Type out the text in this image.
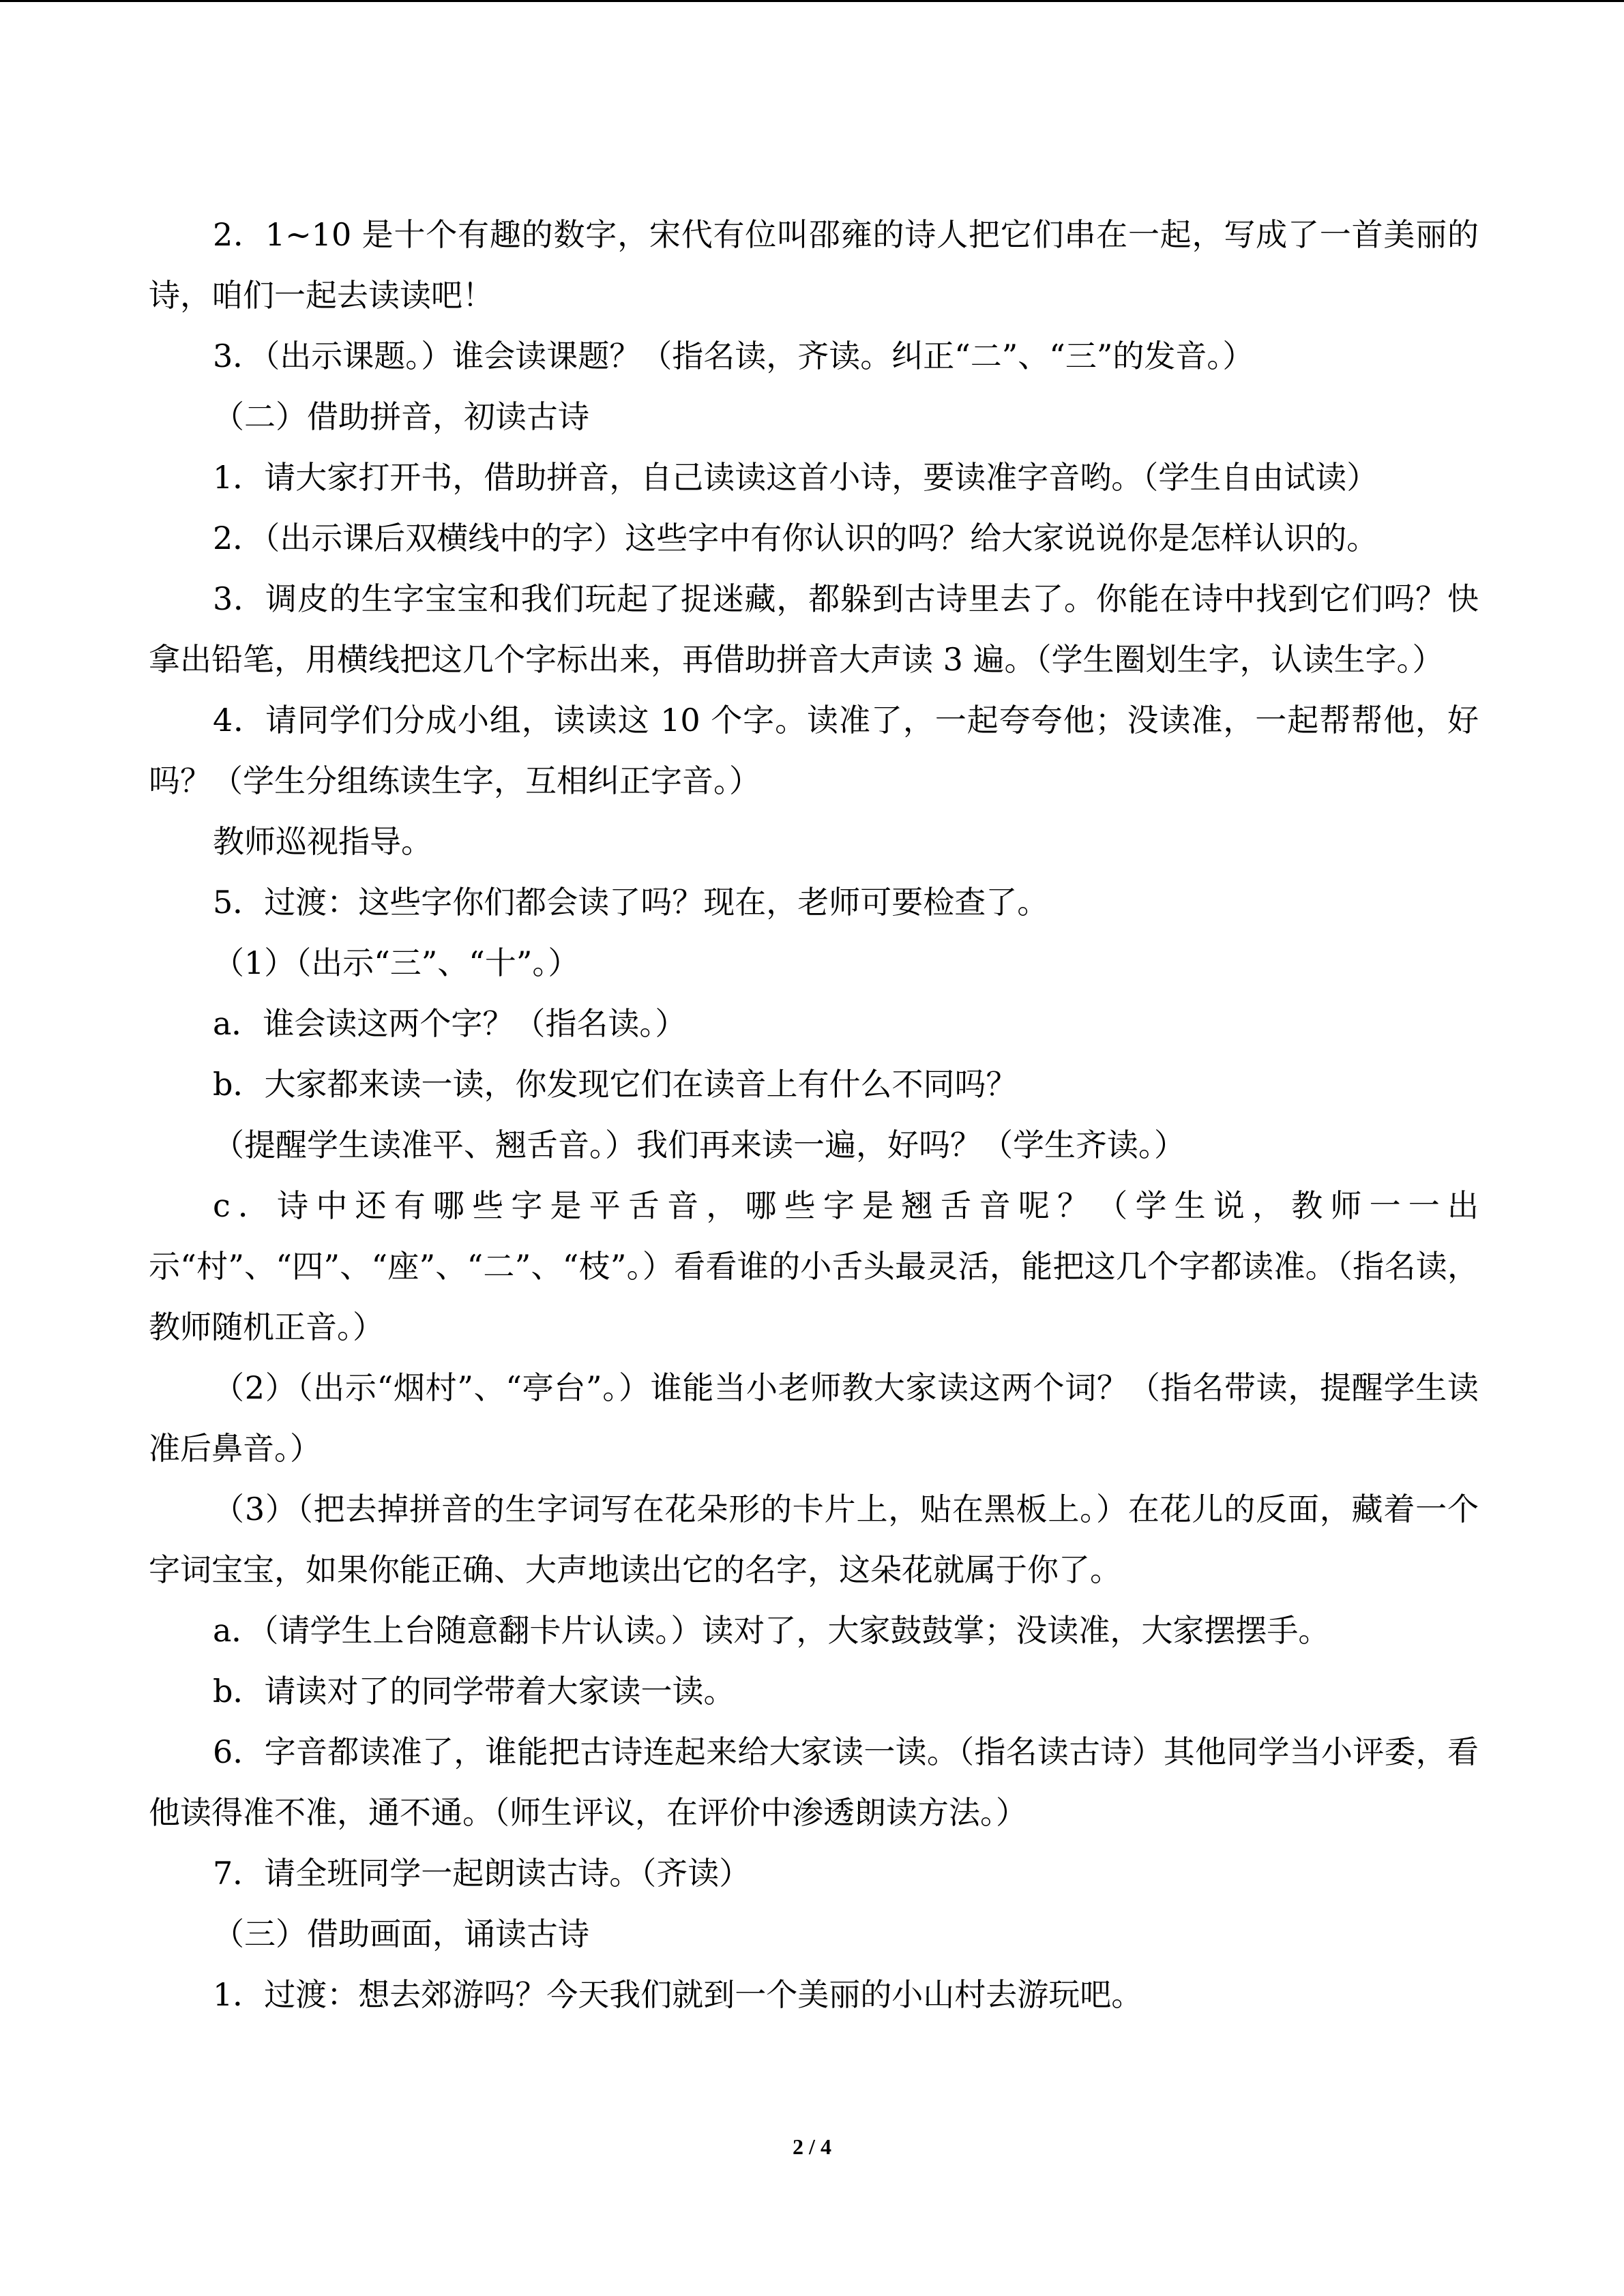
2．1~10 是十个有趣的数字，宋代有位叫邵雍的诗人把它们串在一起，写成了一首美丽的诗，咱们一起去读读吧！

3．（出示课题。）谁会读课题？（指名读，齐读。纠正“二”、“三”的发音。）

（二）借助拼音，初读古诗

1．请大家打开书，借助拼音，自己读读这首小诗，要读准字音哟。（学生自由试读）

2．（出示课后双横线中的字）这些字中有你认识的吗？给大家说说你是怎样认识的。

3．调皮的生字宝宝和我们玩起了捉迷藏，都躲到古诗里去了。你能在诗中找到它们吗？快拿出铅笔，用横线把这几个字标出来，再借助拼音大声读 3 遍。（学生圈划生字，认读生字。）

4．请同学们分成小组，读读这 10 个字。读准了，一起夸夸他；没读准，一起帮帮他，好吗？（学生分组练读生字，互相纠正字音。）

教师巡视指导。

5．过渡：这些字你们都会读了吗？现在，老师可要检查了。

（1）（出示“三”、“十”。）

a．谁会读这两个字？（指名读。）

b．大家都来读一读，你发现它们在读音上有什么不同吗？

（提醒学生读准平、翘舌音。）我们再来读一遍，好吗？（学生齐读。）

c．诗中还有哪些字是平舌音，哪些字是翘舌音呢？（学生说，教师一一出示“村”、“四”、“座”、“二”、“枝”。）看看谁的小舌头最灵活，能把这几个字都读准。（指名读，教师随机正音。）

（2）（出示“烟村”、“亭台”。）谁能当小老师教大家读这两个词？（指名带读，提醒学生读准后鼻音。）

（3）（把去掉拼音的生字词写在花朵形的卡片上，贴在黑板上。）在花儿的反面，藏着一个字词宝宝，如果你能正确、大声地读出它的名字，这朵花就属于你了。

a．（请学生上台随意翻卡片认读。）读对了，大家鼓鼓掌；没读准，大家摆摆手。

b．请读对了的同学带着大家读一读。

6．字音都读准了，谁能把古诗连起来给大家读一读。（指名读古诗）其他同学当小评委，看他读得准不准，通不通。（师生评议，在评价中渗透朗读方法。）

7．请全班同学一起朗读古诗。（齐读）

（三）借助画面，诵读古诗

1．过渡：想去郊游吗？今天我们就到一个美丽的小山村去游玩吧。

2 / 4
